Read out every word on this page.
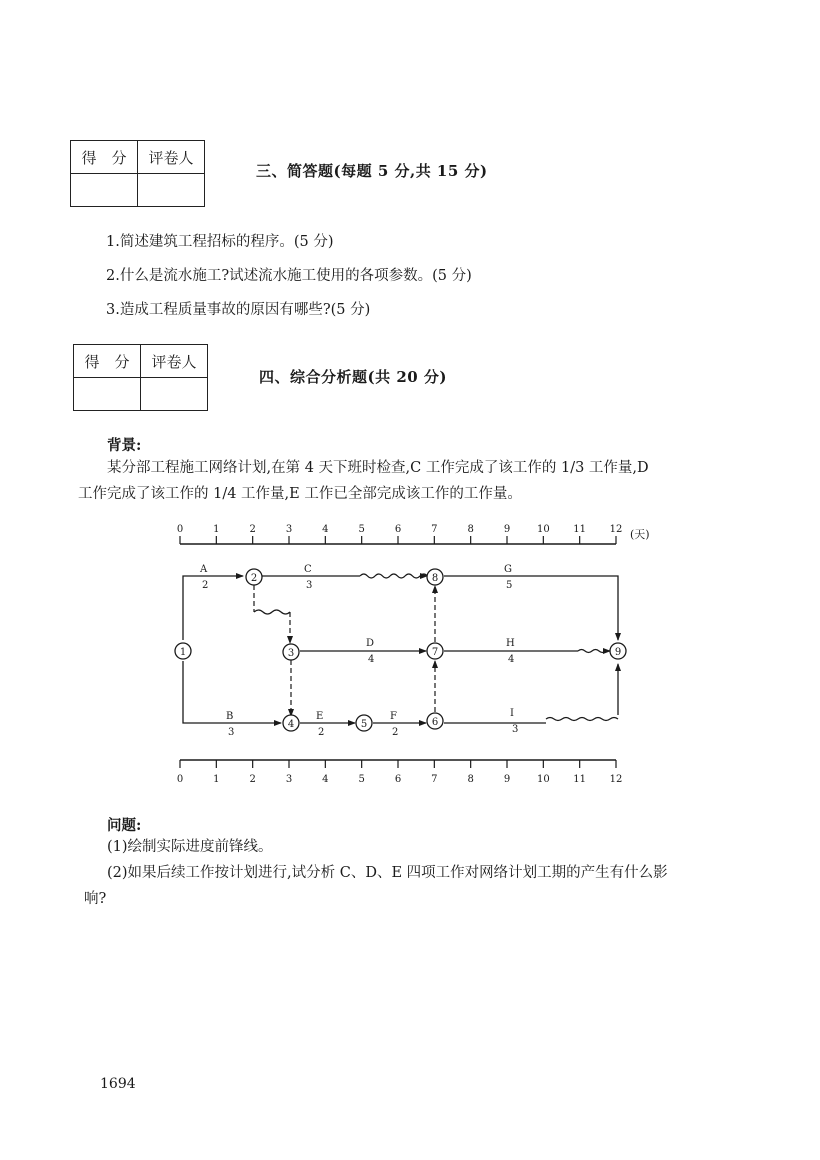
得　分	评卷人

三、简答题(每题 5 分,共 15 分)
1.简述建筑工程招标的程序。(5 分)
2.什么是流水施工?试述流水施工使用的各项参数。(5 分)
3.造成工程质量事故的原因有哪些?(5 分)
得　分	评卷人

四、综合分析题(共 20 分)
背景:
某分部工程施工网络计划,在第 4 天下班时检查,C 工作完成了该工作的 1/3 工作量,D
工作完成了该工作的 1/4 工作量,E 工作已全部完成该工作的工作量。
0	1	2	3	4	5	6	7	8	9	10 11 12 (天)
0	1	2	3	4	5	6	7	8	9	10 11 12
A
2
C
3
G
5
D
4
H
4
B
3
E
2
F
2
I
3
1
2
3
4	5	6
7
8
9
问题:
(1)绘制实际进度前锋线。
(2)如果后续工作按计划进行,试分析 C、D、E 四项工作对网络计划工期的产生有什么影
响?
1694
